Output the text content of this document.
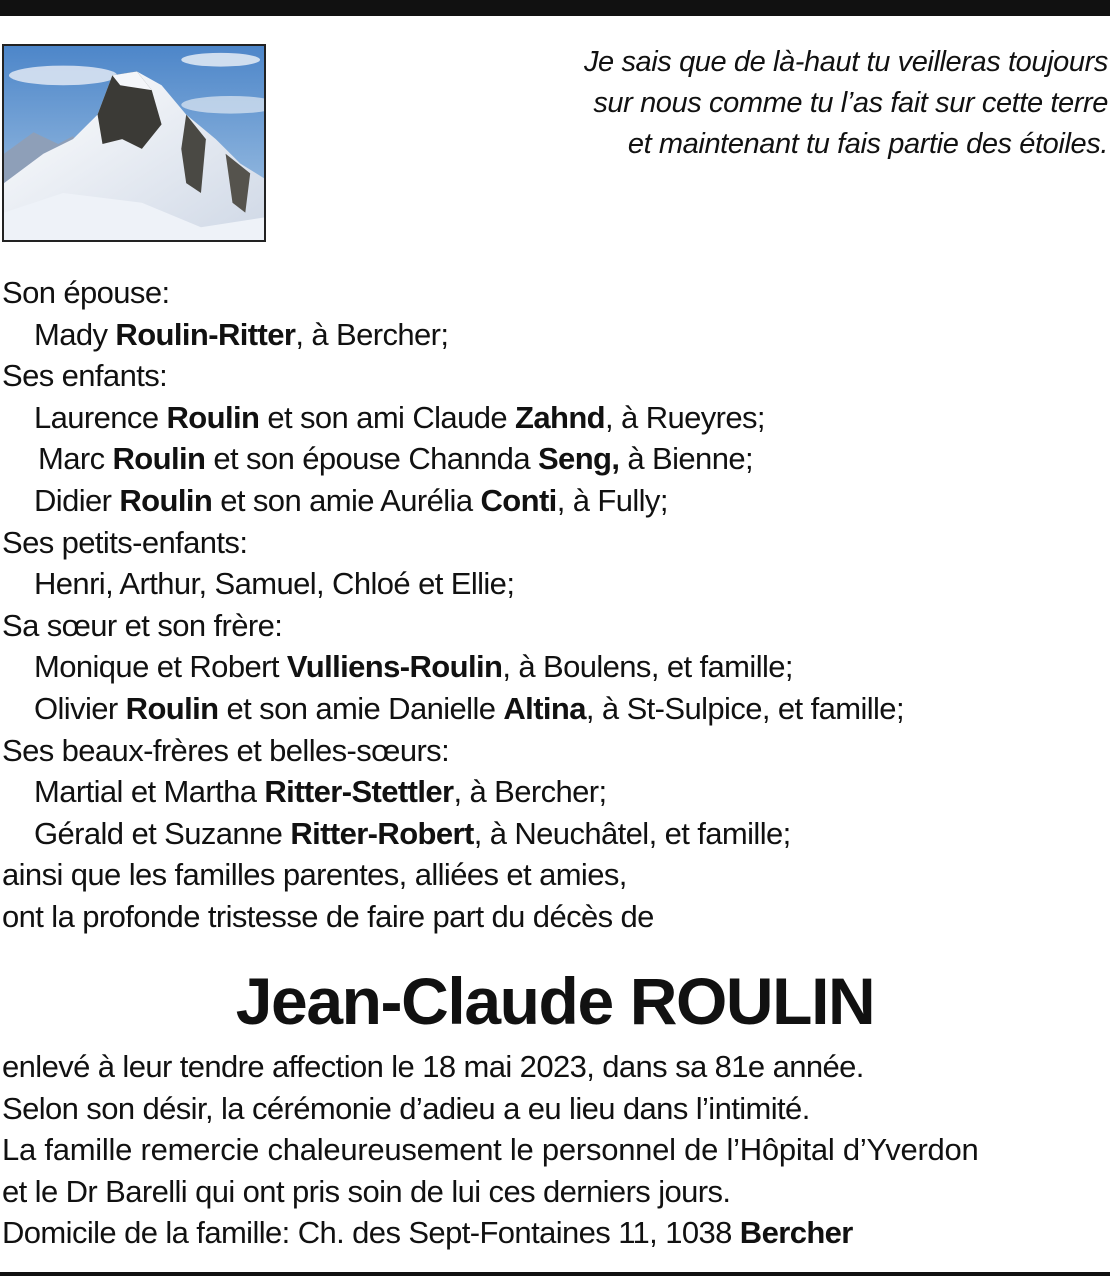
Je sais que de là-haut tu veilleras toujours
sur nous comme tu l’as fait sur cette terre
et maintenant tu fais partie des étoiles.
Son épouse:
Mady Roulin-Ritter, à Bercher;
Ses enfants:
Laurence Roulin et son ami Claude Zahnd, à Rueyres;
Marc Roulin et son épouse Channda Seng, à Bienne;
Didier Roulin et son amie Aurélia Conti, à Fully;
Ses petits-enfants:
Henri, Arthur, Samuel, Chloé et Ellie;
Sa sœur et son frère:
Monique et Robert Vulliens-Roulin, à Boulens, et famille;
Olivier Roulin et son amie Danielle Altina, à St-Sulpice, et famille;
Ses beaux-frères et belles-sœurs:
Martial et Martha Ritter-Stettler, à Bercher;
Gérald et Suzanne Ritter-Robert, à Neuchâtel, et famille;
ainsi que les familles parentes, alliées et amies,
ont la profonde tristesse de faire part du décès de
Jean-Claude ROULIN
enlevé à leur tendre affection le 18 mai 2023, dans sa 81e année.
Selon son désir, la cérémonie d’adieu a eu lieu dans l’intimité.
La famille remercie chaleureusement le personnel de l’Hôpital d’Yverdon
et le Dr Barelli qui ont pris soin de lui ces derniers jours.
Domicile de la famille: Ch. des Sept-Fontaines 11, 1038 Bercher
